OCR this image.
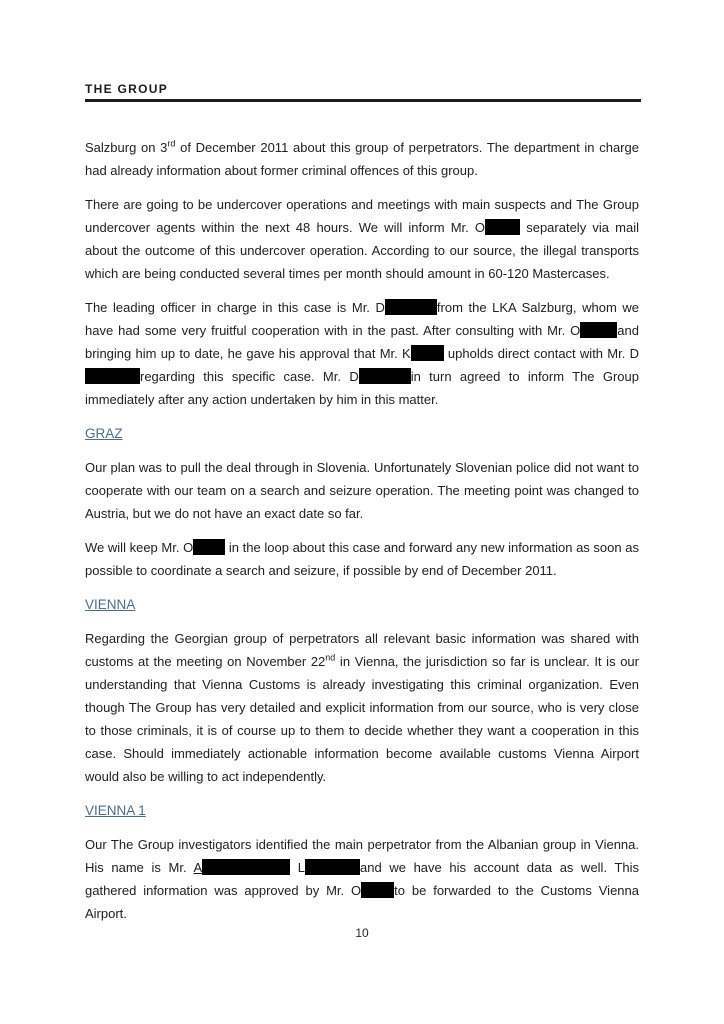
THE GROUP

Salzburg on 3rd of December 2011 about this group of perpetrators. The department in charge had already information about former criminal offences of this group.

There are going to be undercover operations and meetings with main suspects and The Group undercover agents within the next 48 hours. We will inform Mr. O	separately via mail about the outcome of this undercover operation. According to our source, the illegal transports which are being conducted several times per month should amount in 60-120 Mastercases.

The leading officer in charge in this case is Mr. D	from the LKA Salzburg, whom we have had some very fruitful cooperation with in the past. After consulting with Mr. O	and bringing him up to date, he gave his approval that Mr. K	upholds direct contact with Mr. Dregarding this specific case. Mr. D	in turn agreed to inform The Group immediately after any action undertaken by him in this matter.

GRAZ

Our plan was to pull the deal through in Slovenia. Unfortunately Slovenian police did not want to cooperate with our team on a search and seizure operation. The meeting point was changed to Austria, but we do not have an exact date so far.

We will keep Mr. O in the loop about this case and forward any new information as soon as possible to coordinate a search and seizure, if possible by end of December 2011.

VIENNA

Regarding the Georgian group of perpetrators all relevant basic information was shared with customs at the meeting on November 22nd in Vienna, the jurisdiction so far is unclear. It is our understanding that Vienna Customs is already investigating this criminal organization. Even though The Group has very detailed and explicit information from our source, who is very close to those criminals, it is of course up to them to decide whether they want a cooperation in this case. Should immediately actionable information become available customs Vienna Airport would also be willing to act independently.

VIENNA 1

Our The Group investigators identified the main perpetrator from the Albanian group in Vienna. His name is Mr. A	L	and we have his account data as well. This gathered information was approved by Mr. O	to be forwarded to the Customs Vienna Airport.

10
